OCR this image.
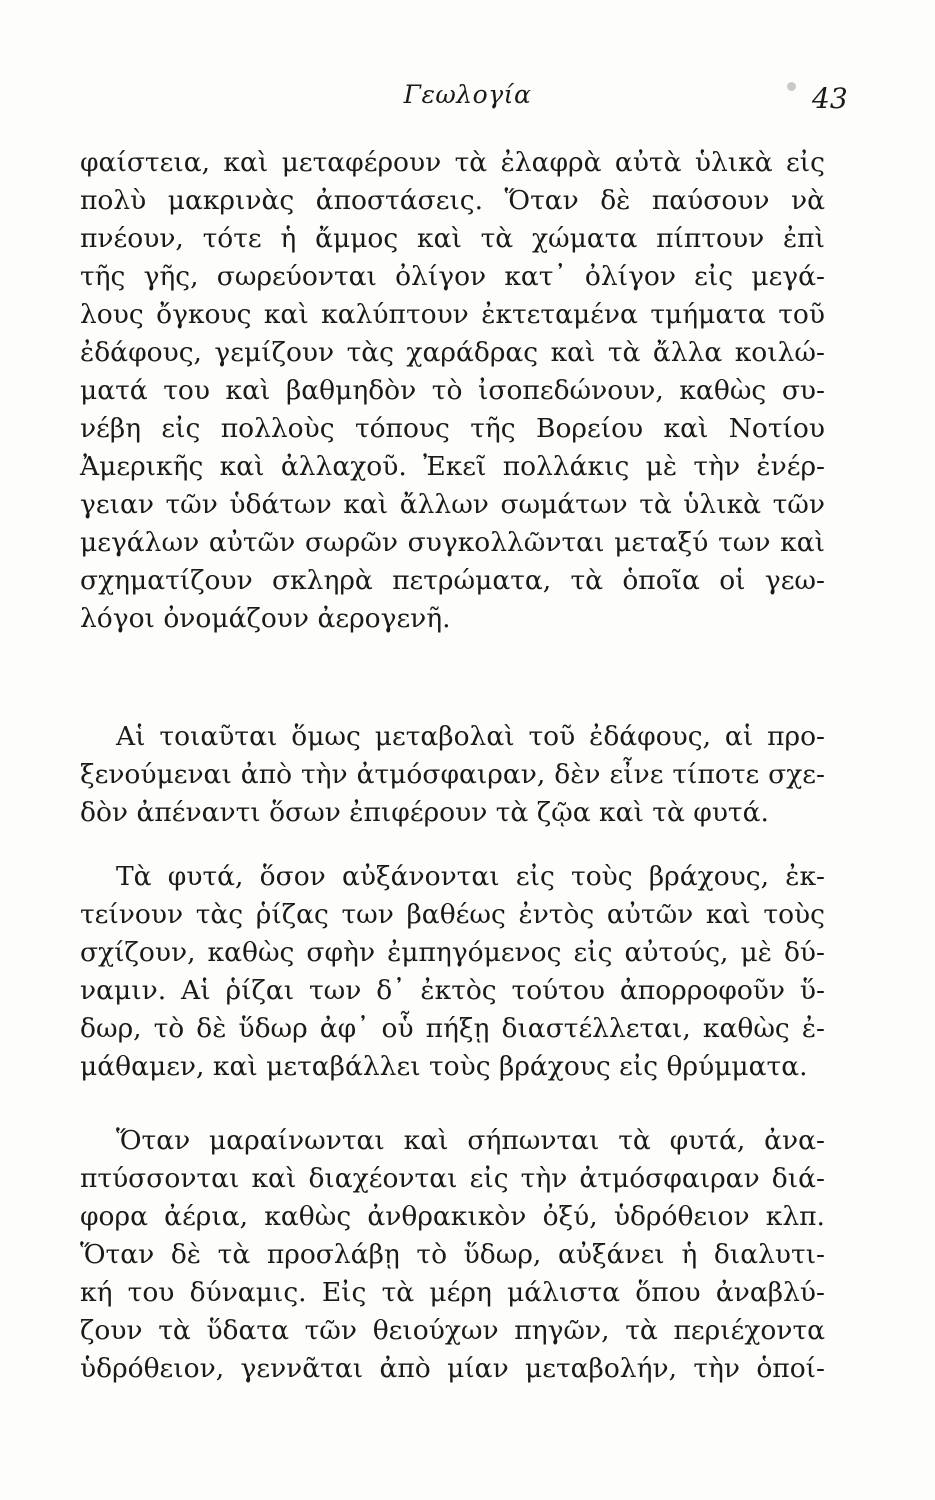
Γεωλογία	43
φαίστεια, καὶ μεταφέρουν τὰ ἐλαφρὰ αὐτὰ ὑλικὰ εἰς
πολὺ μακρινὰς ἀποστάσεις. Ὅταν δὲ παύσουν νὰ
πνέουν, τότε ἡ ἄμμος καὶ τὰ χώματα πίπτουν ἐπὶ
τῆς γῆς, σωρεύονται ὀλίγον κατ᾽ ὀλίγον εἰς μεγά-
λους ὄγκους καὶ καλύπτουν ἐκτεταμένα τμήματα τοῦ
ἐδάφους, γεμίζουν τὰς χαράδρας καὶ τὰ ἄλλα κοιλώ-
ματά του καὶ βαθμηδὸν τὸ ἰσοπεδώνουν, καθὼς συ-
νέβη εἰς πολλοὺς τόπους τῆς Βορείου καὶ Νοτίου
Ἀμερικῆς καὶ ἀλλαχοῦ. Ἐκεῖ πολλάκις μὲ τὴν ἐνέρ-
γειαν τῶν ὑδάτων καὶ ἄλλων σωμάτων τὰ ὑλικὰ τῶν
μεγάλων αὐτῶν σωρῶν συγκολλῶνται μεταξύ των καὶ
σχηματίζουν σκληρὰ πετρώματα, τὰ ὁποῖα οἱ γεω-
λόγοι ὀνομάζουν ἀερογενῆ.
Αἱ τοιαῦται ὅμως μεταβολαὶ τοῦ ἐδάφους, αἱ προ-
ξενούμεναι ἀπὸ τὴν ἀτμόσφαιραν, δὲν εἶνε τίποτε σχε-
δὸν ἀπέναντι ὅσων ἐπιφέρουν τὰ ζῷα καὶ τὰ φυτά.
Τὰ φυτά, ὅσον αὐξάνονται εἰς τοὺς βράχους, ἐκ-
τείνουν τὰς ῥίζας των βαθέως ἐντὸς αὐτῶν καὶ τοὺς
σχίζουν, καθὼς σφὴν ἐμπηγόμενος εἰς αὐτούς, μὲ δύ-
ναμιν. Αἱ ῥίζαι των δ᾽ ἐκτὸς τούτου ἀπορροφοῦν ὕ-
δωρ, τὸ δὲ ὕδωρ ἀφ᾽ οὗ πήξῃ διαστέλλεται, καθὼς ἐ-
μάθαμεν, καὶ μεταβάλλει τοὺς βράχους εἰς θρύμματα.
Ὅταν μαραίνωνται καὶ σήπωνται τὰ φυτά, ἀνα-
πτύσσονται καὶ διαχέονται εἰς τὴν ἀτμόσφαιραν διά-
φορα ἀέρια, καθὼς ἀνθρακικὸν ὀξύ, ὑδρόθειον κλπ.
Ὅταν δὲ τὰ προσλάβῃ τὸ ὕδωρ, αὐξάνει ἡ διαλυτι-
κή του δύναμις. Εἰς τὰ μέρη μάλιστα ὅπου ἀναβλύ-
ζουν τὰ ὕδατα τῶν θειούχων πηγῶν, τὰ περιέχοντα
ὑδρόθειον, γεννᾶται ἀπὸ μίαν μεταβολήν, τὴν ὁποί-
